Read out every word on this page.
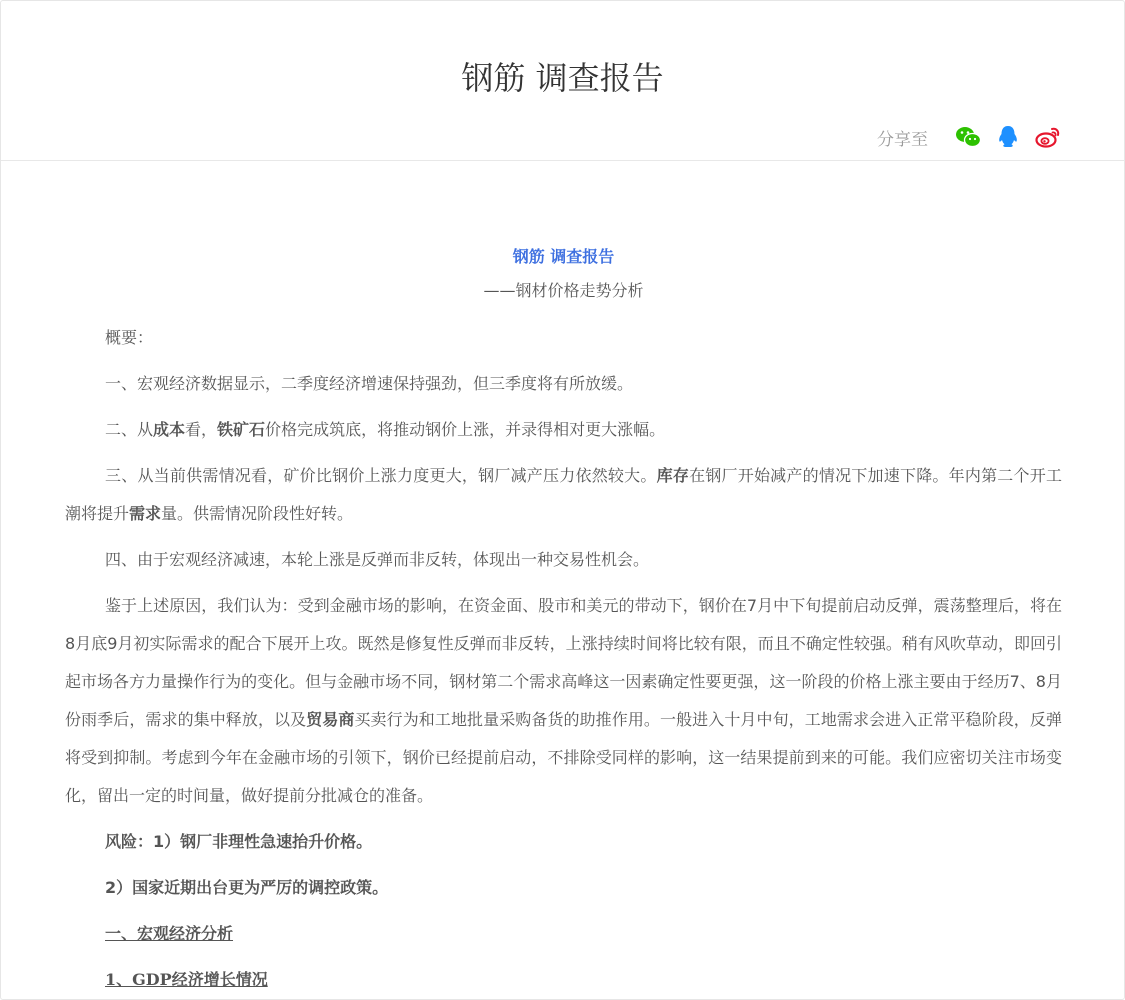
钢筋 调查报告
分享至
钢筋 调查报告
——钢材价格走势分析

概要：

一、宏观经济数据显示，二季度经济增速保持强劲，但三季度将有所放缓。

二、从成本看，铁矿石价格完成筑底，将推动钢价上涨，并录得相对更大涨幅。

三、从当前供需情况看，矿价比钢价上涨力度更大，钢厂减产压力依然较大。库存在钢厂开始减产的情况下加速下降。年内第二个开工潮将提升需求量。供需情况阶段性好转。

四、由于宏观经济减速，本轮上涨是反弹而非反转，体现出一种交易性机会。

鉴于上述原因，我们认为：受到金融市场的影响，在资金面、股市和美元的带动下，钢价在7月中下旬提前启动反弹，震荡整理后，将在8月底9月初实际需求的配合下展开上攻。既然是修复性反弹而非反转，上涨持续时间将比较有限，而且不确定性较强。稍有风吹草动，即回引起市场各方力量操作行为的变化。但与金融市场不同，钢材第二个需求高峰这一因素确定性要更强，这一阶段的价格上涨主要由于经历7、8月份雨季后，需求的集中释放，以及贸易商买卖行为和工地批量采购备货的助推作用。一般进入十月中旬，工地需求会进入正常平稳阶段，反弹将受到抑制。考虑到今年在金融市场的引领下，钢价已经提前启动，不排除受同样的影响，这一结果提前到来的可能。我们应密切关注市场变化，留出一定的时间量，做好提前分批减仓的准备。

风险：1）钢厂非理性急速抬升价格。

2）国家近期出台更为严厉的调控政策。

一、宏观经济分析

1、GDP经济增长情况
